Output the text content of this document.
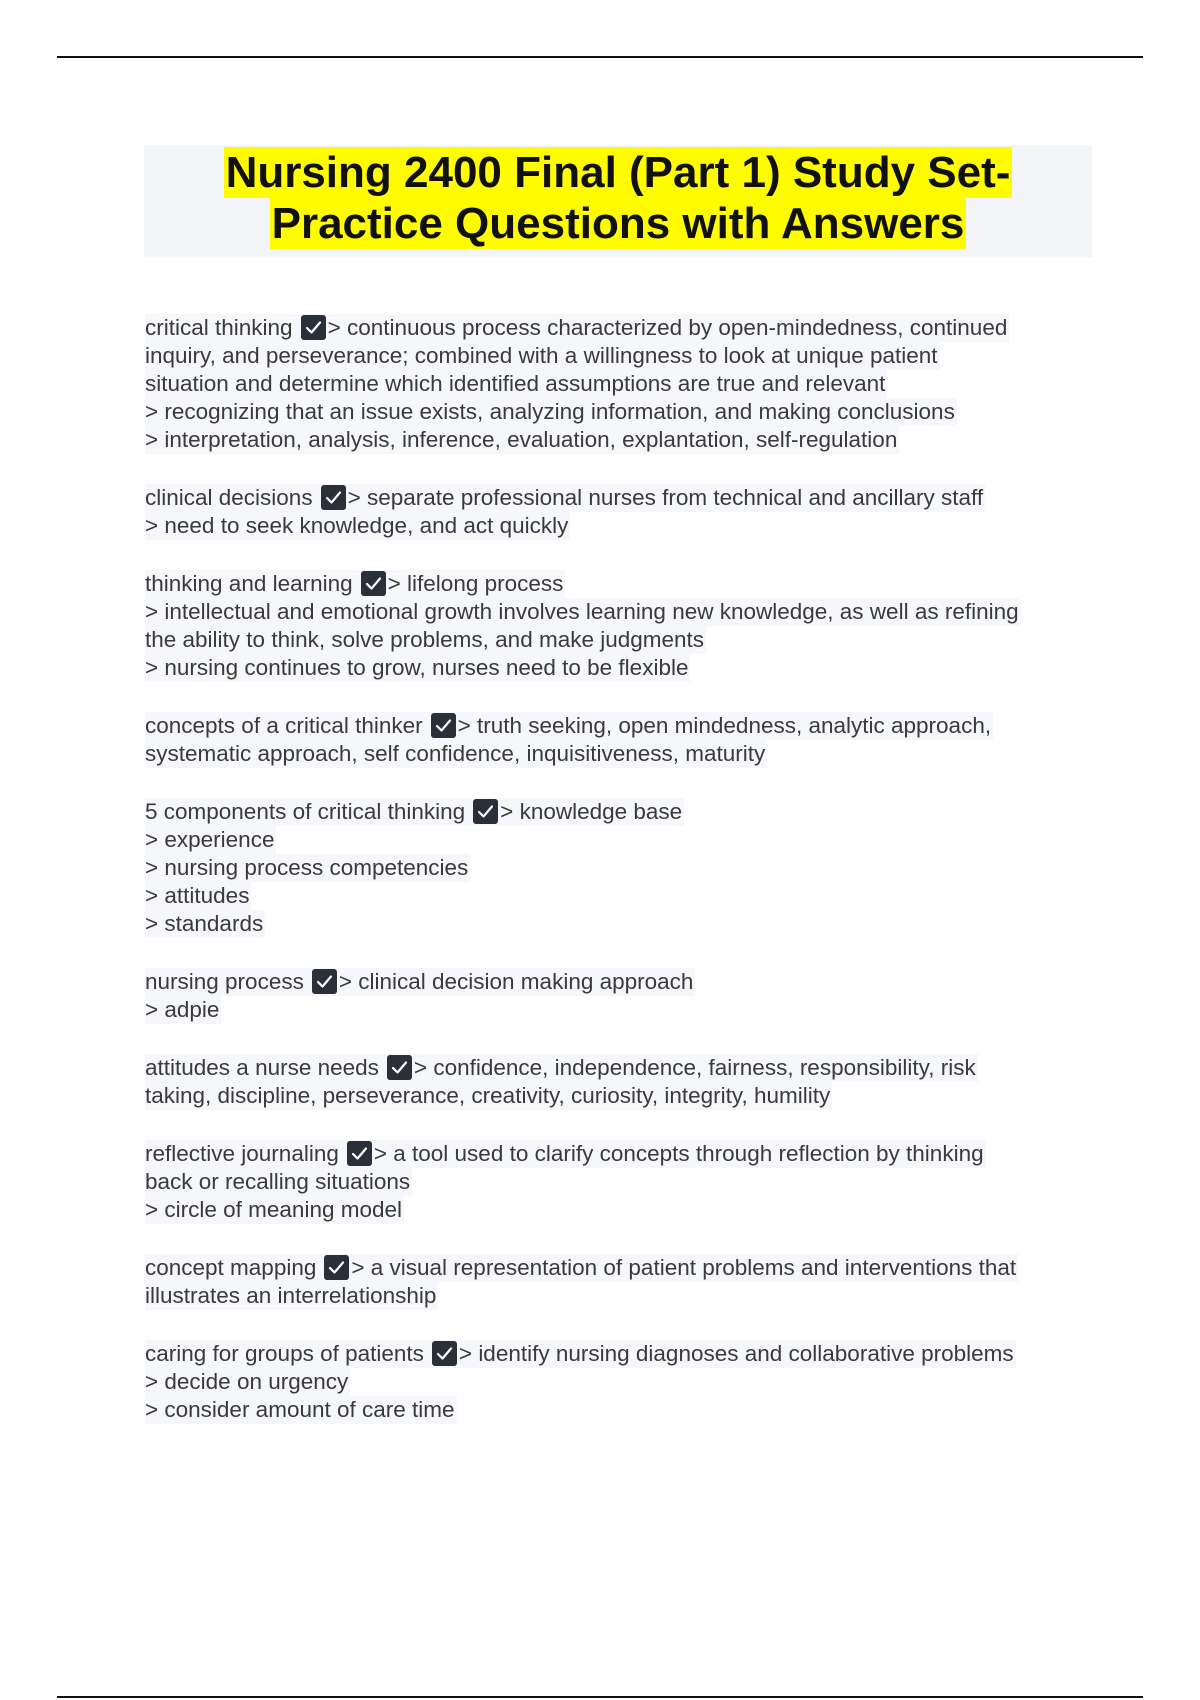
Nursing 2400 Final (Part 1) Study Set-
Practice Questions with Answers
critical thinking > continuous process characterized by open-mindedness, continued
inquiry, and perseverance; combined with a willingness to look at unique patient
situation and determine which identified assumptions are true and relevant
> recognizing that an issue exists, analyzing information, and making conclusions
> interpretation, analysis, inference, evaluation, explantation, self-regulation
clinical decisions > separate professional nurses from technical and ancillary staff
> need to seek knowledge, and act quickly
thinking and learning > lifelong process
> intellectual and emotional growth involves learning new knowledge, as well as refining
the ability to think, solve problems, and make judgments
> nursing continues to grow, nurses need to be flexible
concepts of a critical thinker > truth seeking, open mindedness, analytic approach,
systematic approach, self confidence, inquisitiveness, maturity
5 components of critical thinking > knowledge base
> experience
> nursing process competencies
> attitudes
> standards
nursing process > clinical decision making approach
> adpie
attitudes a nurse needs > confidence, independence, fairness, responsibility, risk
taking, discipline, perseverance, creativity, curiosity, integrity, humility
reflective journaling > a tool used to clarify concepts through reflection by thinking
back or recalling situations
> circle of meaning model
concept mapping > a visual representation of patient problems and interventions that
illustrates an interrelationship
caring for groups of patients > identify nursing diagnoses and collaborative problems
> decide on urgency
> consider amount of care time
